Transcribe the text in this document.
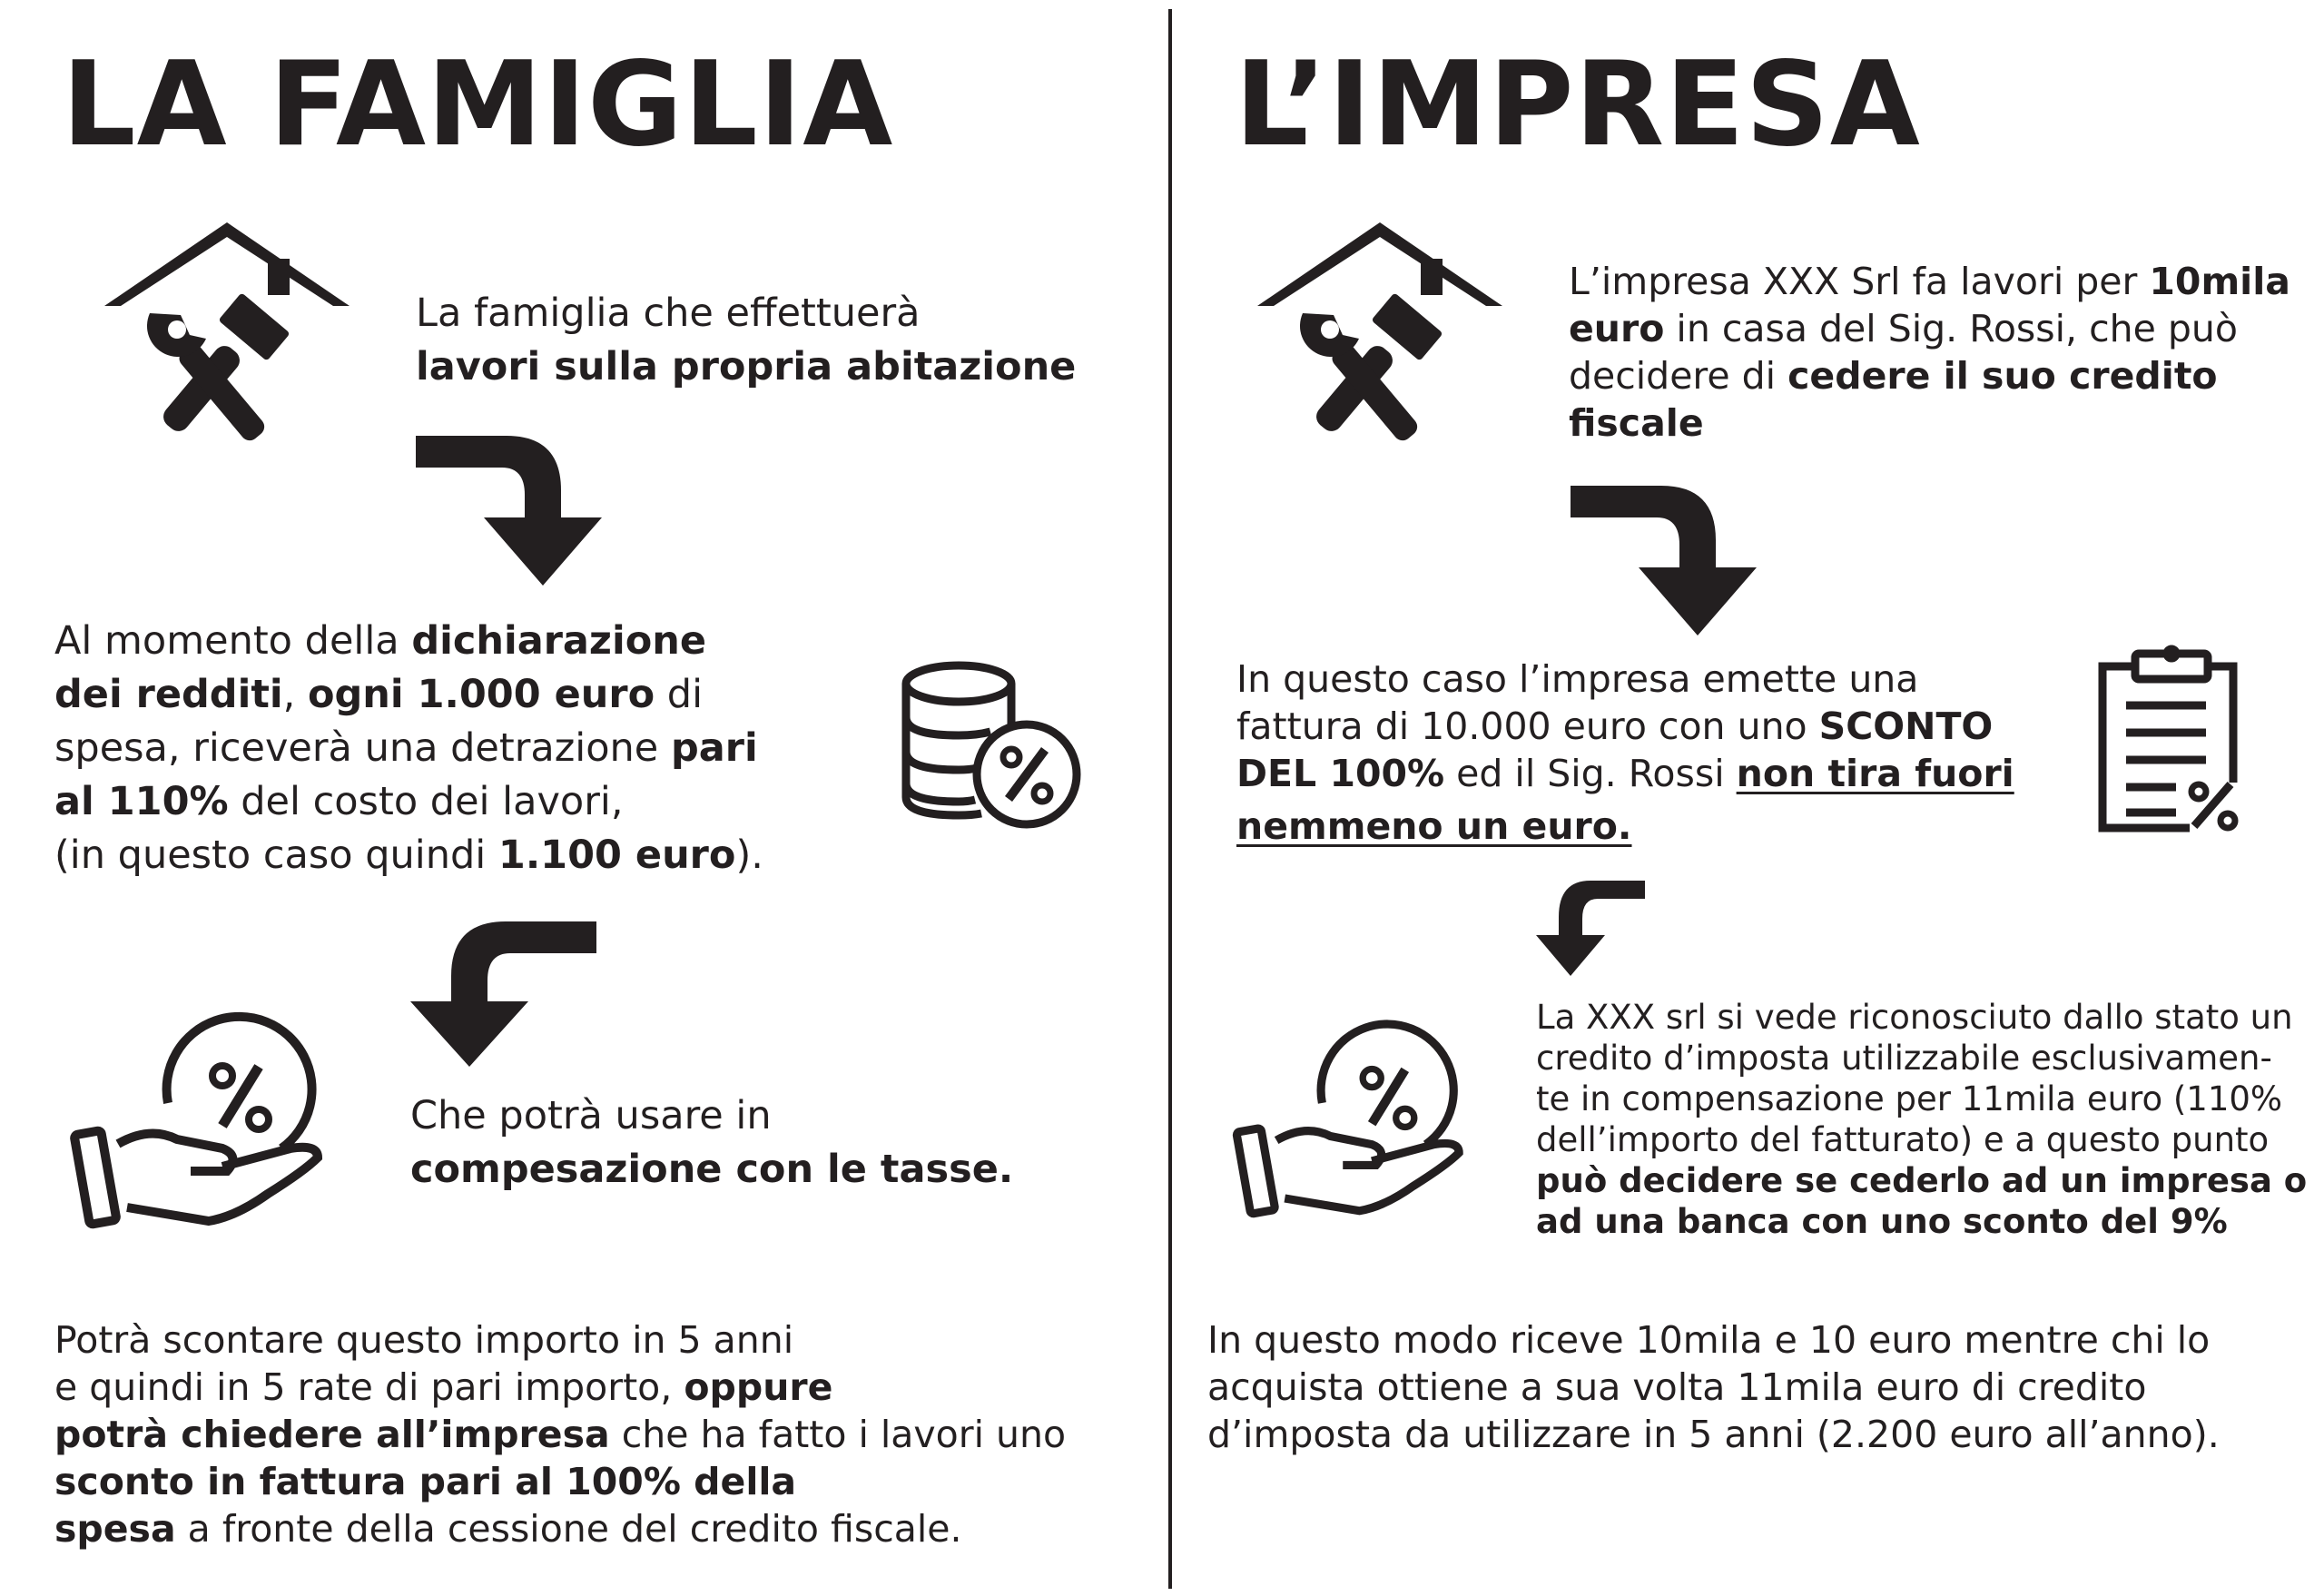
LA FAMIGLIA
La famiglia che effettuerà
lavori sulla propria abitazione
Al momento della dichiarazione
dei redditi, ogni 1.000 euro di
spesa, riceverà una detrazione pari
al 110% del costo dei lavori,
(in questo caso quindi 1.100 euro).
Che potrà usare in
compesazione con le tasse.
Potrà scontare questo importo in 5 anni
e quindi in 5 rate di pari importo, oppure
potrà chiedere all’impresa che ha fatto i lavori uno
sconto in fattura pari al 100% della
spesa a fronte della cessione del credito fiscale.
L’IMPRESA
L’impresa XXX Srl fa lavori per 10mila
euro in casa del Sig. Rossi, che può
decidere di cedere il suo credito
fiscale
In questo caso l’impresa emette una
fattura di 10.000 euro con uno SCONTO
DEL 100% ed il Sig. Rossi non tira fuori
nemmeno un euro.
La XXX srl si vede riconosciuto dallo stato un
credito d’imposta utilizzabile esclusivamen-
te in compensazione per 11mila euro (110%
dell’importo del fatturato) e a questo punto
può decidere se cederlo ad un impresa o
ad una banca con uno sconto del 9%
In questo modo riceve 10mila e 10 euro mentre chi lo
acquista ottiene a sua volta 11mila euro di credito
d’imposta da utilizzare in 5 anni (2.200 euro all’anno).
